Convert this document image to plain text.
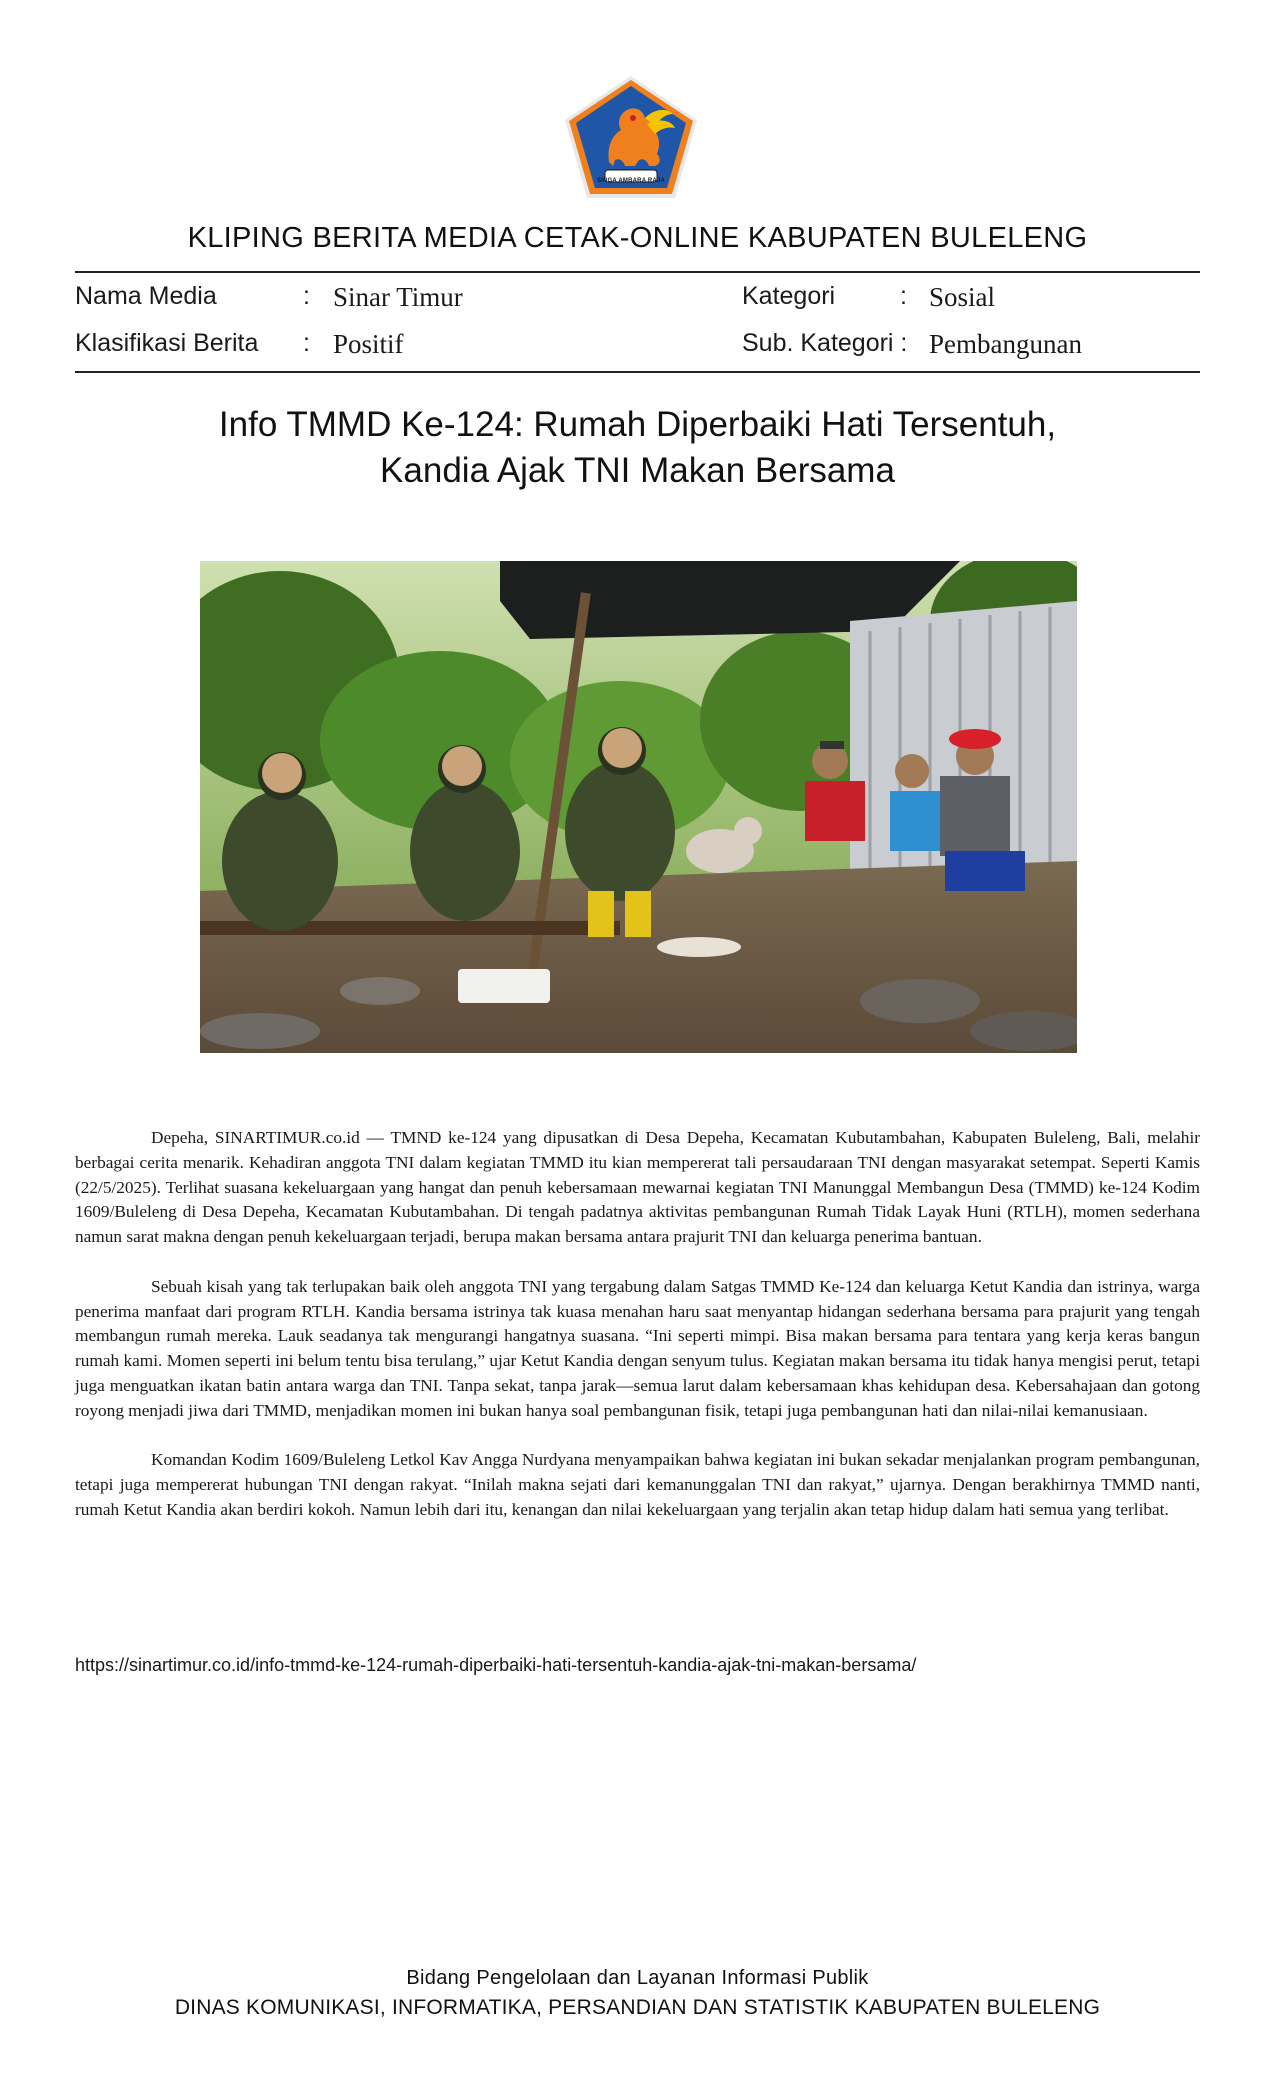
SINGA AMBARA RAJA
KLIPING BERITA MEDIA CETAK-ONLINE KABUPATEN BULELENG
Nama Media	: Sinar Timur
Klasifikasi Berita : Positif
Kategori	: Sosial
Sub. Kategori : Pembangunan
Info TMMD Ke-124: Rumah Diperbaiki Hati Tersentuh,
Kandia Ajak TNI Makan Bersama

Depeha, SINARTIMUR.co.id — TMND ke-124 yang dipusatkan di Desa Depeha, Kecamatan Kubutambahan, Kabupaten Buleleng, Bali, melahir berbagai cerita menarik. Kehadiran anggota TNI dalam kegiatan TMMD itu kian mempererat tali persaudaraan TNI dengan masyarakat setempat. Seperti Kamis (22/5/2025). Terlihat suasana kekeluargaan yang hangat dan penuh kebersamaan mewarnai kegiatan TNI Manunggal Membangun Desa (TMMD) ke-124 Kodim 1609/Buleleng di Desa Depeha, Kecamatan Kubutambahan. Di tengah padatnya aktivitas pembangunan Rumah Tidak Layak Huni (RTLH), momen sederhana namun sarat makna dengan penuh kekeluargaan terjadi, berupa makan bersama antara prajurit TNI dan keluarga penerima bantuan.

Sebuah kisah yang tak terlupakan baik oleh anggota TNI yang tergabung dalam Satgas TMMD Ke-124 dan keluarga Ketut Kandia dan istrinya, warga penerima manfaat dari program RTLH. Kandia bersama istrinya tak kuasa menahan haru saat menyantap hidangan sederhana bersama para prajurit yang tengah membangun rumah mereka. Lauk seadanya tak mengurangi hangatnya suasana. “Ini seperti mimpi. Bisa makan bersama para tentara yang kerja keras bangun rumah kami. Momen seperti ini belum tentu bisa terulang,” ujar Ketut Kandia dengan senyum tulus. Kegiatan makan bersama itu tidak hanya mengisi perut, tetapi juga menguatkan ikatan batin antara warga dan TNI. Tanpa sekat, tanpa jarak—semua larut dalam kebersamaan khas kehidupan desa. Kebersahajaan dan gotong royong menjadi jiwa dari TMMD, menjadikan momen ini bukan hanya soal pembangunan fisik, tetapi juga pembangunan hati dan nilai-nilai kemanusiaan.

Komandan Kodim 1609/Buleleng Letkol Kav Angga Nurdyana menyampaikan bahwa kegiatan ini bukan sekadar menjalankan program pembangunan, tetapi juga mempererat hubungan TNI dengan rakyat. “Inilah makna sejati dari kemanunggalan TNI dan rakyat,” ujarnya. Dengan berakhirnya TMMD nanti, rumah Ketut Kandia akan berdiri kokoh. Namun lebih dari itu, kenangan dan nilai kekeluargaan yang terjalin akan tetap hidup dalam hati semua yang terlibat.

https://sinartimur.co.id/info-tmmd-ke-124-rumah-diperbaiki-hati-tersentuh-kandia-ajak-tni-makan-bersama/
Bidang Pengelolaan dan Layanan Informasi Publik
DINAS KOMUNIKASI, INFORMATIKA, PERSANDIAN DAN STATISTIK KABUPATEN BULELENG
